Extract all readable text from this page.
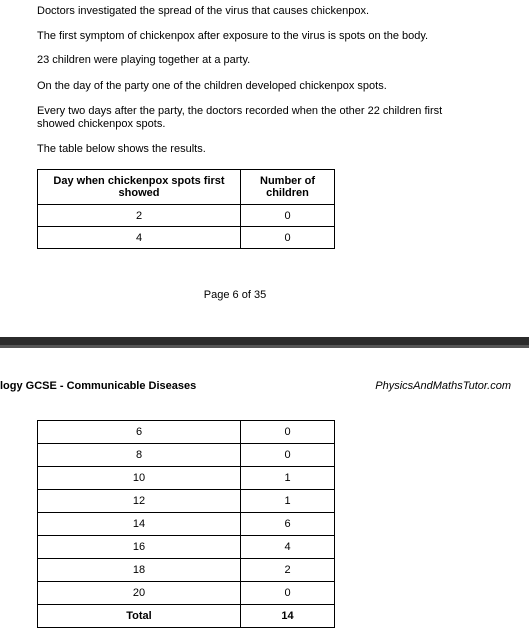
Doctors investigated the spread of the virus that causes chickenpox.

The first symptom of chickenpox after exposure to the virus is spots on the body.

23 children were playing together at a party.

On the day of the party one of the children developed chickenpox spots.

Every two days after the party, the doctors recorded when the other 22 children first showed chickenpox spots.

The table below shows the results.

Day when chickenpox spots first showed	Number of children
2	0
4	0
Page 6 of 35
logy GCSE - Communicable Diseases	PhysicsAndMathsTutor.com
6	0
8	0
10	1
12	1
14	6
16	4
18	2
20	0
Total	14
